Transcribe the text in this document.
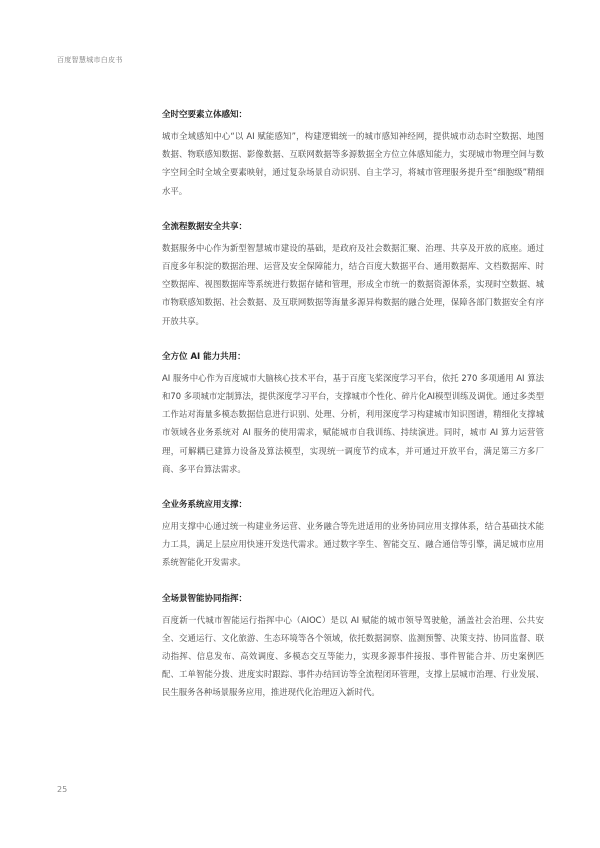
百度智慧城市白皮书
全时空要素立体感知：

城市全域感知中心“以 AI 赋能感知”，构建逻辑统一的城市感知神经网，提供城市动态时空数据、地图数据、物联感知数据、影像数据、互联网数据等多源数据全方位立体感知能力，实现城市物理空间与数字空间全时全域全要素映射，通过复杂场景自动识别、自主学习，将城市管理服务提升至“细胞级”精细水平。

全流程数据安全共享：

数据服务中心作为新型智慧城市建设的基础，是政府及社会数据汇聚、治理、共享及开放的底座。通过百度多年积淀的数据治理、运营及安全保障能力，结合百度大数据平台、通用数据库、文档数据库、时空数据库、视图数据库等系统进行数据存储和管理，形成全市统一的数据资源体系，实现时空数据、城市物联感知数据、社会数据、及互联网数据等海量多源异构数据的融合处理，保障各部门数据安全有序开放共享。

全方位 AI 能力共用：

AI 服务中心作为百度城市大脑核心技术平台，基于百度飞桨深度学习平台，依托 270 多项通用 AI 算法和70 多项城市定制算法，提供深度学习平台，支撑城市个性化、碎片化AI模型训练及调优。通过多类型工作站对海量多模态数据信息进行识别、处理、分析，利用深度学习构建城市知识图谱，精细化支撑城市领域各业务系统对 AI 服务的使用需求，赋能城市自我训练、持续演进。同时，城市 AI 算力运营管理，可解耦已建算力设备及算法模型，实现统一调度节约成本，并可通过开放平台，满足第三方多厂商、多平台算法需求。

全业务系统应用支撑：

应用支撑中心通过统一构建业务运营、业务融合等先进适用的业务协同应用支撑体系，结合基础技术能力工具，满足上层应用快速开发迭代需求。通过数字孪生、智能交互、融合通信等引擎，满足城市应用系统智能化开发需求。

全场景智能协同指挥：

百度新一代城市智能运行指挥中心（AIOC）是以 AI 赋能的城市领导驾驶舱，涵盖社会治理、公共安全、交通运行、文化旅游、生态环境等各个领域，依托数据洞察、监测预警、决策支持、协同监督、联动指挥、信息发布、高效调度、多模态交互等能力，实现多源事件接报、事件智能合并、历史案例匹配、工单智能分拨、进度实时跟踪、事件办结回访等全流程闭环管理，支撑上层城市治理、行业发展、民生服务各种场景服务应用，推进现代化治理迈入新时代。

25
